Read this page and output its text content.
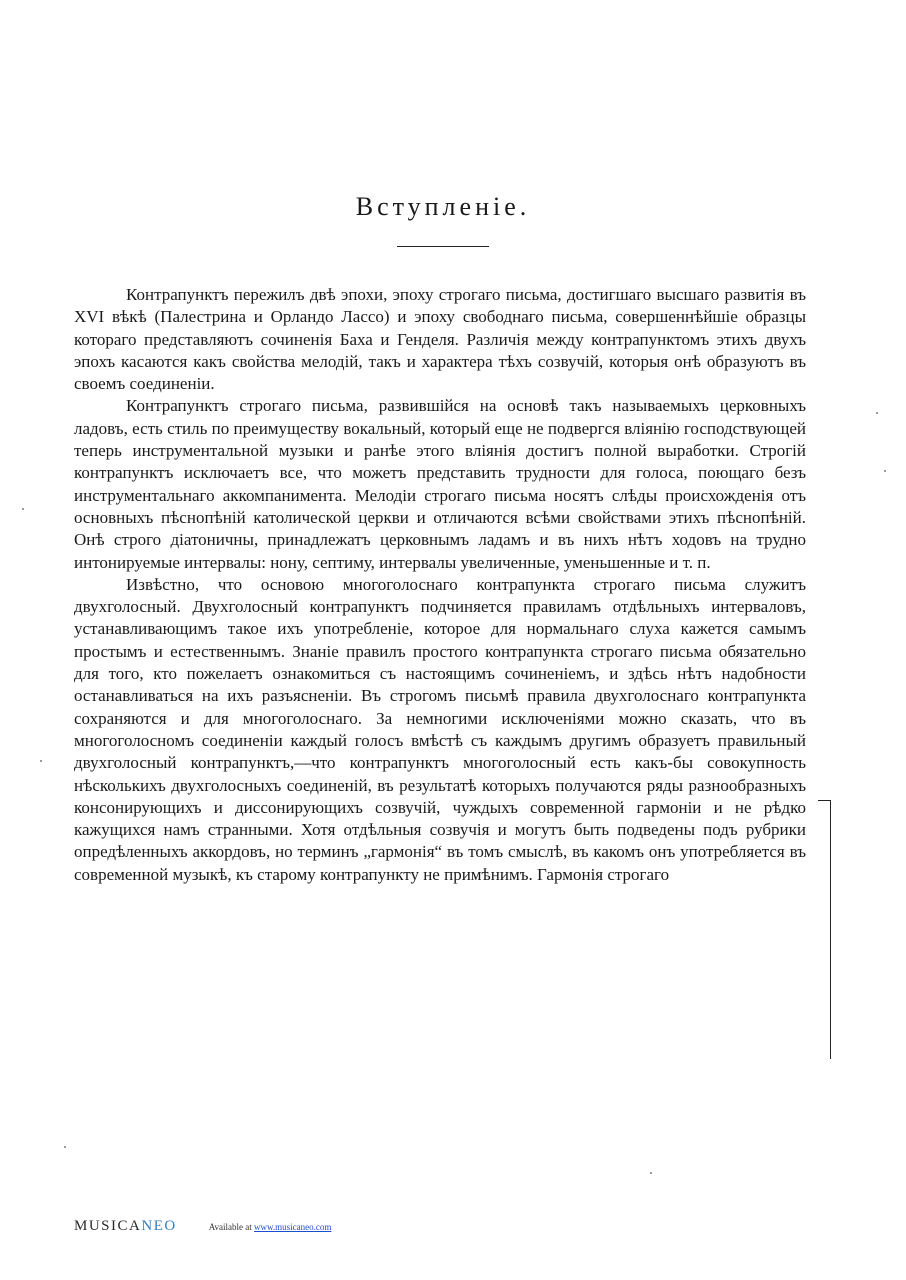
Вступленіе.

Контрапунктъ пережилъ двѣ эпохи, эпоху строгаго письма, достигшаго высшаго развитія въ XVI вѣкѣ (Палестрина и Орландо Лассо) и эпоху свободнаго письма, совершеннѣйшіе образцы котораго представляютъ сочиненія Баха и Генделя. Различія между контрапунктомъ этихъ двухъ эпохъ касаются какъ свойства мелодій, такъ и характера тѣхъ созвучій, которыя онѣ образуютъ въ своемъ соединеніи.

Контрапунктъ строгаго письма, развившійся на основѣ такъ называемыхъ церковныхъ ладовъ, есть стиль по преимуществу вокальный, который еще не подвергся вліянію господствующей теперь инструментальной музыки и ранѣе этого вліянія достигъ полной выработки. Строгій контрапунктъ исключаетъ все, что можетъ представить трудности для голоса, поющаго безъ инструментальнаго аккомпанимента. Мелодіи строгаго письма носятъ слѣды происхожденія отъ основныхъ пѣснопѣній католической церкви и отличаются всѣми свойствами этихъ пѣснопѣній. Онѣ строго діатоничны, принадлежатъ церковнымъ ладамъ и въ нихъ нѣтъ ходовъ на трудно интонируемые интервалы: нону, септиму, интервалы увеличенные, уменьшенные и т. п.

Извѣстно, что основою многоголоснаго контрапункта строгаго письма служитъ двухголосный. Двухголосный контрапунктъ подчиняется правиламъ отдѣльныхъ интерваловъ, устанавливающимъ такое ихъ употребленіе, которое для нормальнаго слуха кажется самымъ простымъ и естественнымъ. Знаніе правилъ простого контрапункта строгаго письма обязательно для того, кто пожелаетъ ознакомиться съ настоящимъ сочиненіемъ, и здѣсь нѣтъ надобности останавливаться на ихъ разъясненіи. Въ строгомъ письмѣ правила двухголоснаго контрапункта сохраняются и для многоголоснаго. За немногими исключеніями можно сказать, что въ многоголосномъ соединеніи каждый голосъ вмѣстѣ съ каждымъ другимъ образуетъ правильный двухголосный контрапунктъ,—что контрапунктъ многоголосный есть какъ-бы совокупность нѣсколькихъ двухголосныхъ соединеній, въ результатѣ которыхъ получаются ряды разнообразныхъ консонирующихъ и диссонирующихъ созвучій, чуждыхъ современной гармоніи и не рѣдко кажущихся намъ странными. Хотя отдѣльныя созвучія и могутъ быть подведены подъ рубрики опредѣленныхъ аккордовъ, но терминъ „гармонія“ въ томъ смыслѣ, въ какомъ онъ употребляется въ современной музыкѣ, къ старому контрапункту не примѣнимъ. Гармонія строгаго

MUSICANEO	Available at www.musicaneo.com
